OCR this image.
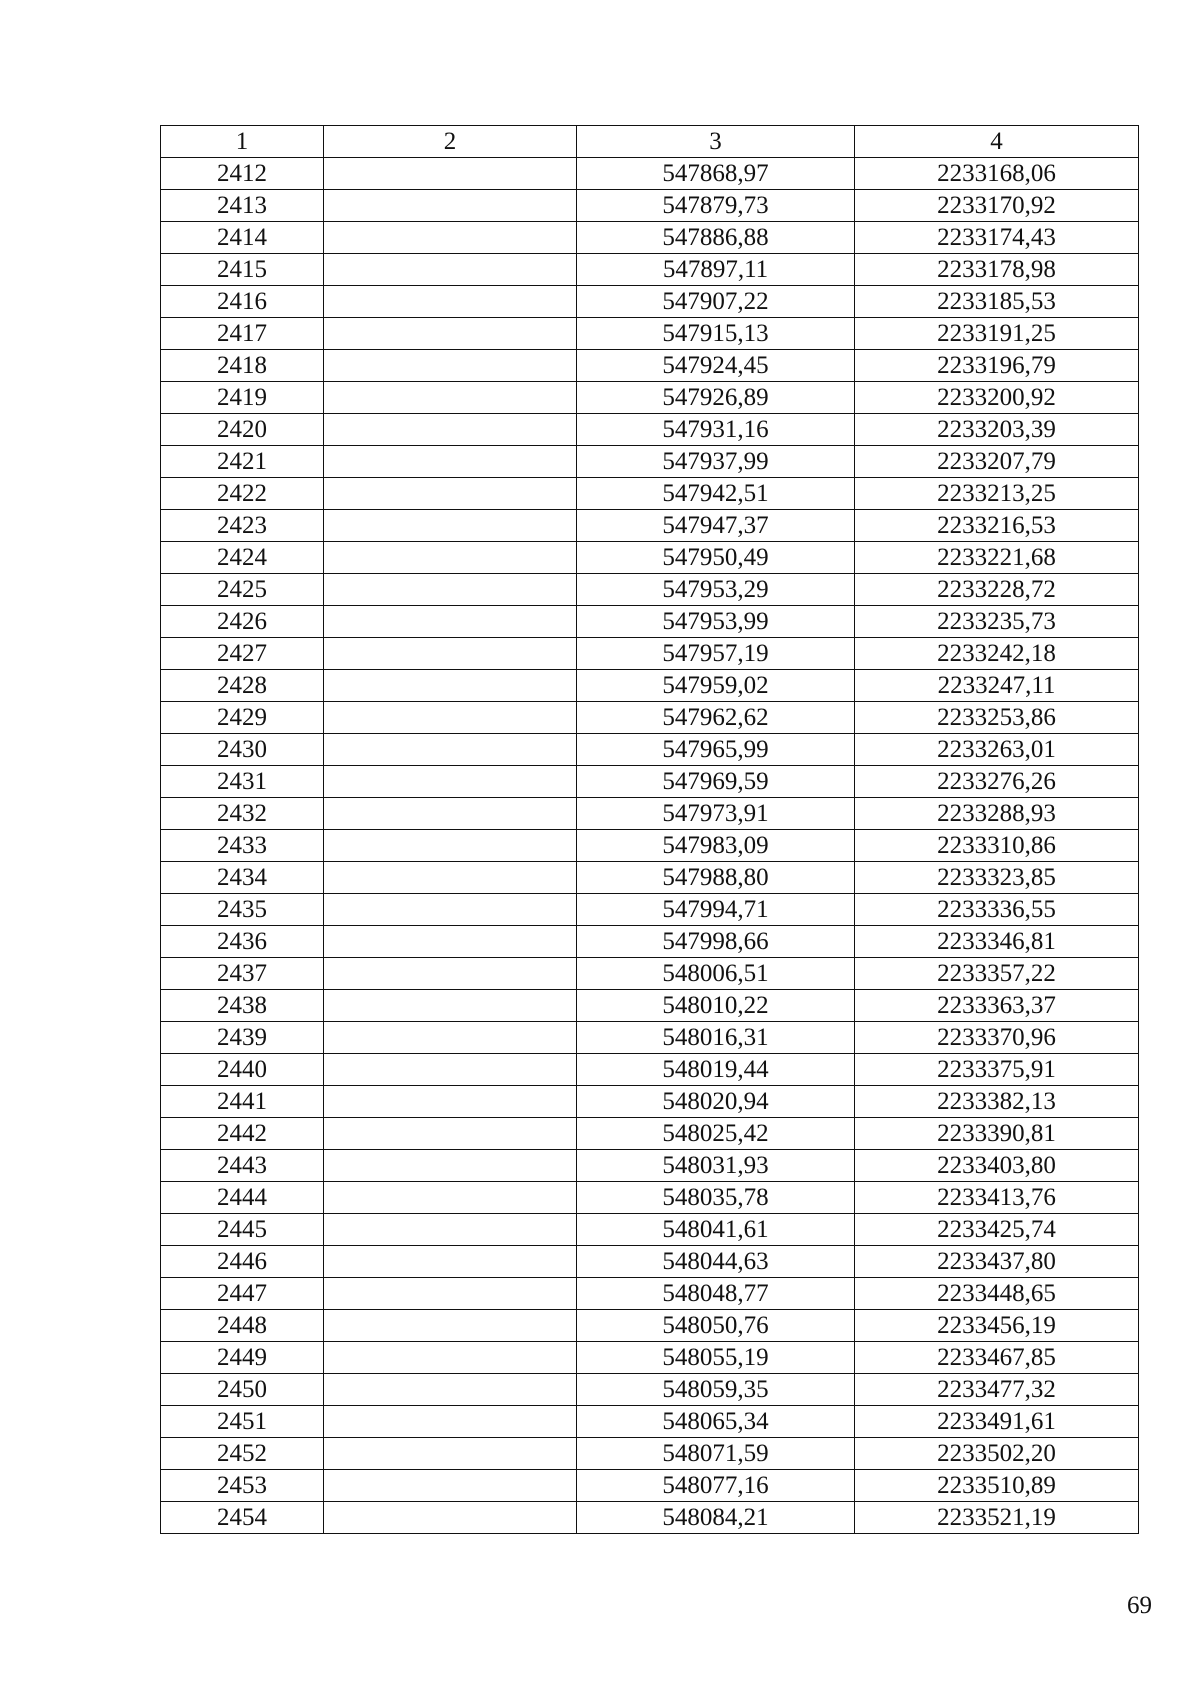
1	2	3	4
2412		547868,97	2233168,06
2413		547879,73	2233170,92
2414		547886,88	2233174,43
2415		547897,11	2233178,98
2416		547907,22	2233185,53
2417		547915,13	2233191,25
2418		547924,45	2233196,79
2419		547926,89	2233200,92
2420		547931,16	2233203,39
2421		547937,99	2233207,79
2422		547942,51	2233213,25
2423		547947,37	2233216,53
2424		547950,49	2233221,68
2425		547953,29	2233228,72
2426		547953,99	2233235,73
2427		547957,19	2233242,18
2428		547959,02	2233247,11
2429		547962,62	2233253,86
2430		547965,99	2233263,01
2431		547969,59	2233276,26
2432		547973,91	2233288,93
2433		547983,09	2233310,86
2434		547988,80	2233323,85
2435		547994,71	2233336,55
2436		547998,66	2233346,81
2437		548006,51	2233357,22
2438		548010,22	2233363,37
2439		548016,31	2233370,96
2440		548019,44	2233375,91
2441		548020,94	2233382,13
2442		548025,42	2233390,81
2443		548031,93	2233403,80
2444		548035,78	2233413,76
2445		548041,61	2233425,74
2446		548044,63	2233437,80
2447		548048,77	2233448,65
2448		548050,76	2233456,19
2449		548055,19	2233467,85
2450		548059,35	2233477,32
2451		548065,34	2233491,61
2452		548071,59	2233502,20
2453		548077,16	2233510,89
2454		548084,21	2233521,19
69
